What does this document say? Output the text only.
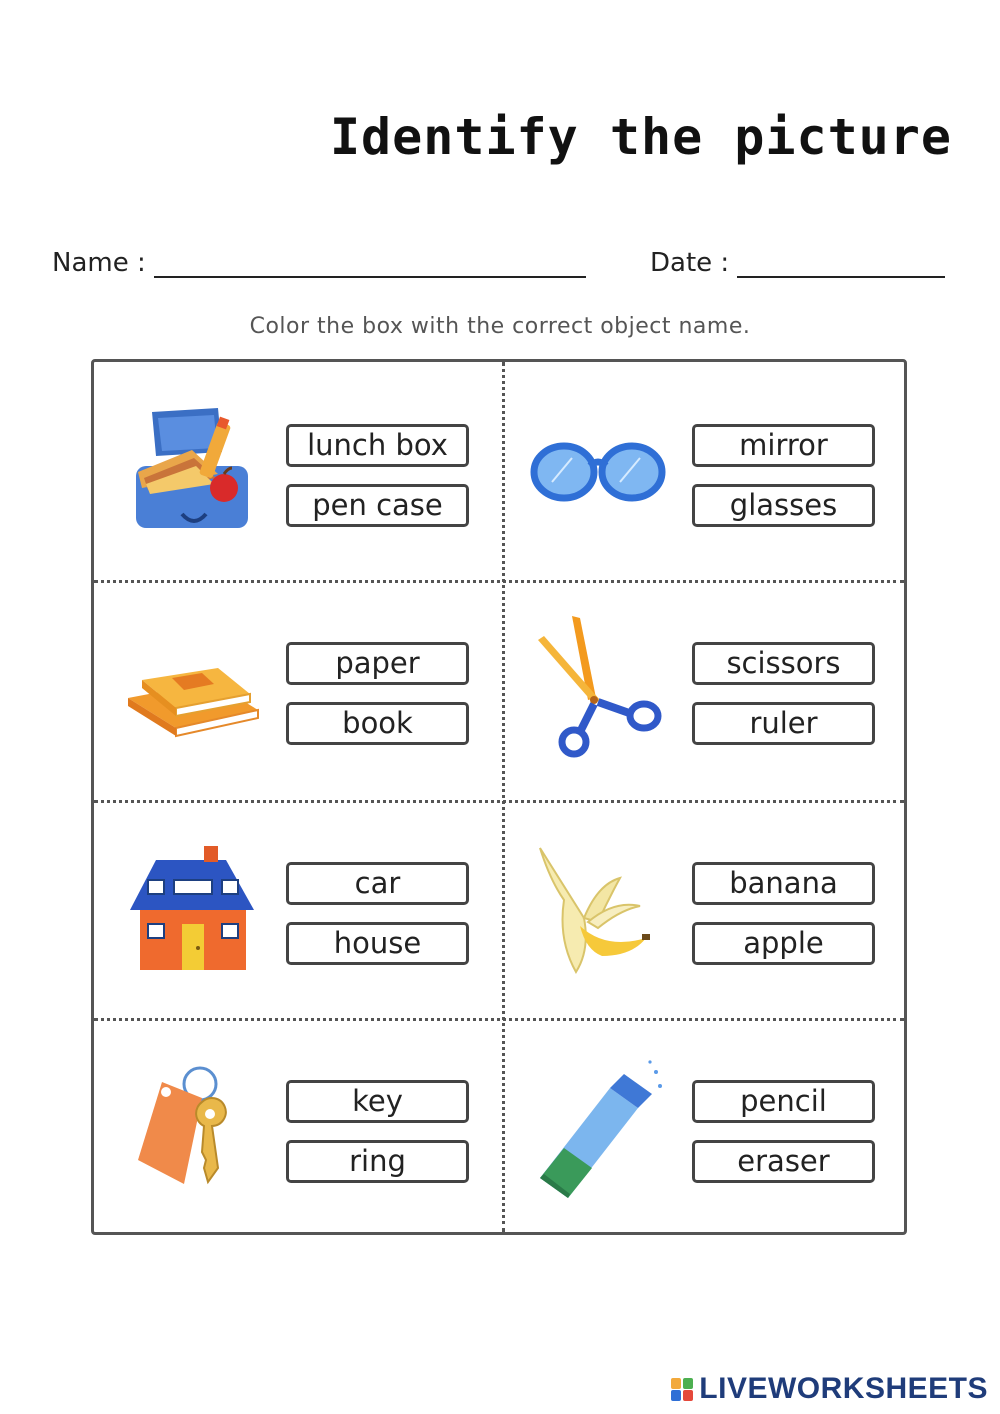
Identify the picture
Name :	Date :
Color the box with the correct object name.
lunch box
pen case
mirror
glasses
paper
book
scissors
ruler
car
house
banana
apple
key
ring
pencil
eraser
LIVEWORKSHEETS
